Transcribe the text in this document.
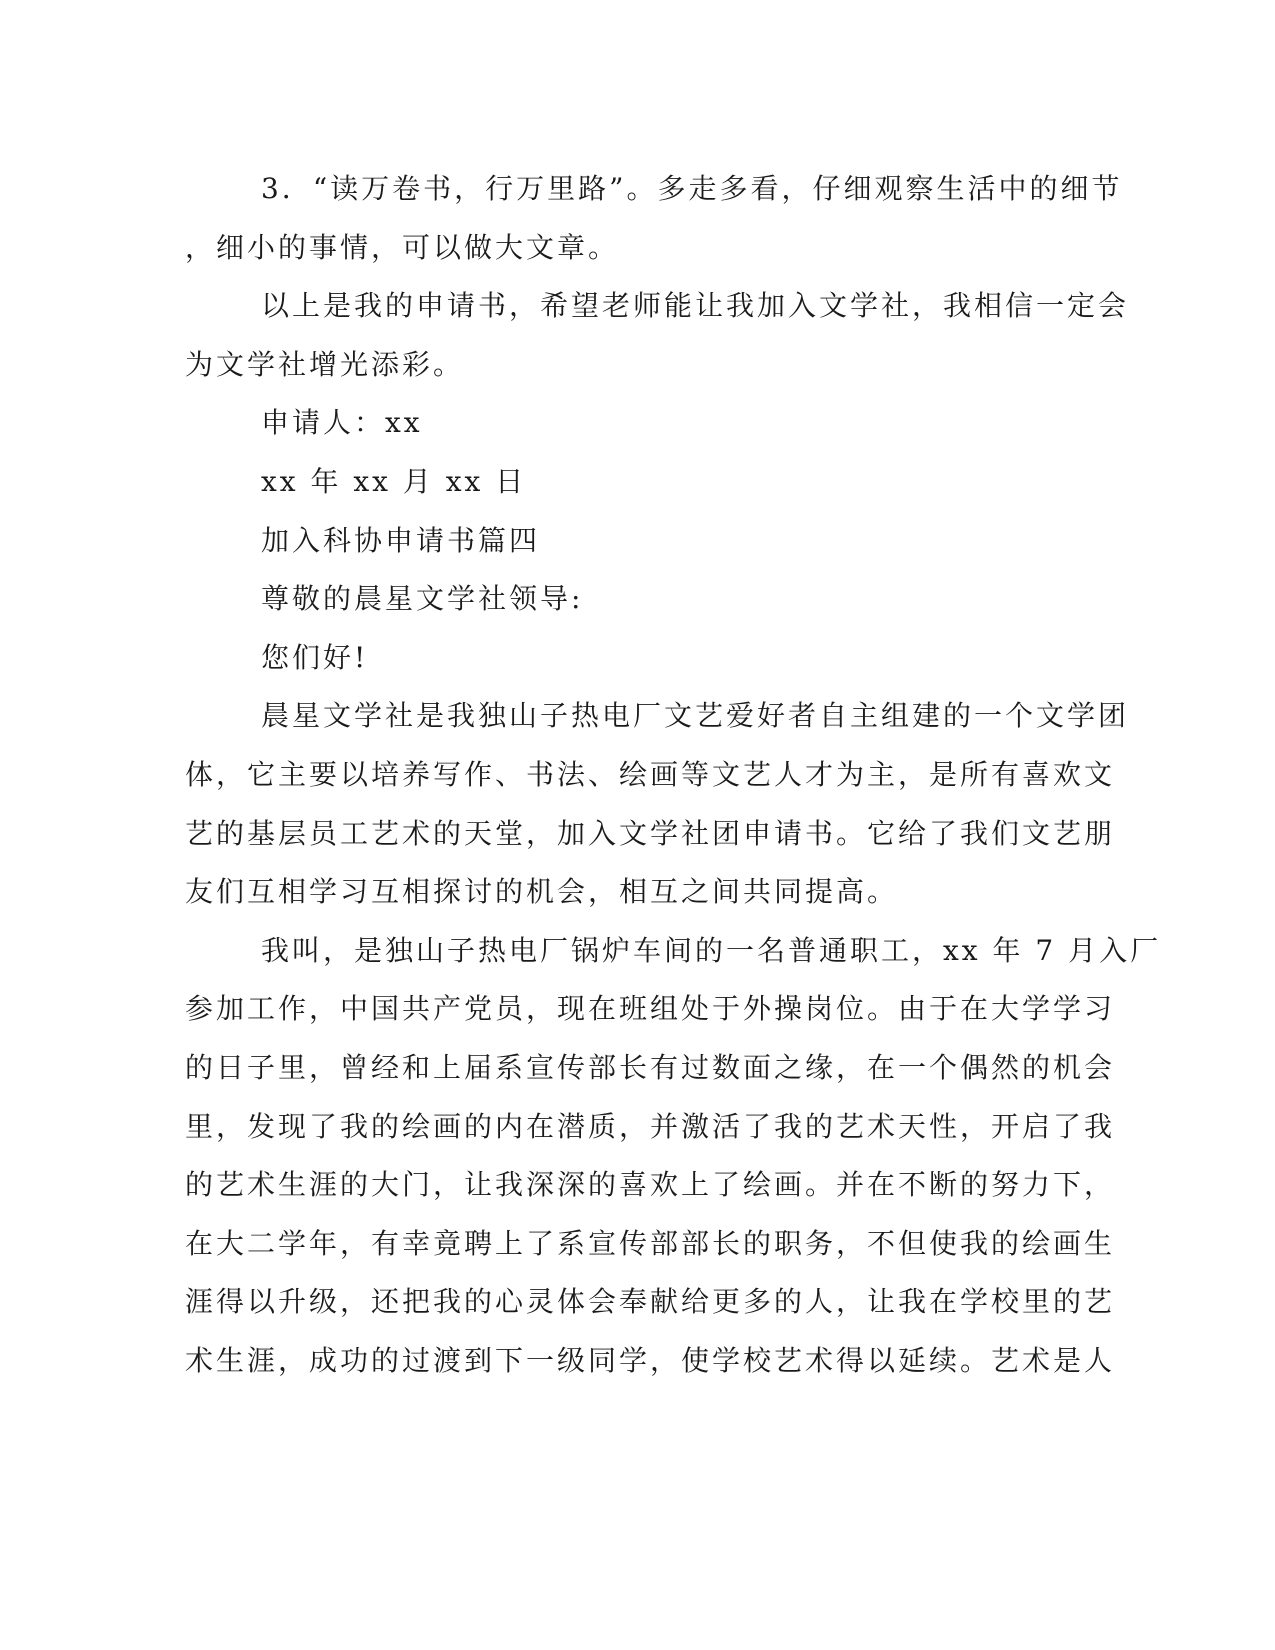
3．“读万卷书，行万里路”。多走多看，仔细观察生活中的细节
，细小的事情，可以做大文章。
以上是我的申请书，希望老师能让我加入文学社，我相信一定会
为文学社增光添彩。
申请人：xx
xx 年 xx 月 xx 日
加入科协申请书篇四
尊敬的晨星文学社领导:
您们好!
晨星文学社是我独山子热电厂文艺爱好者自主组建的一个文学团
体，它主要以培养写作、书法、绘画等文艺人才为主，是所有喜欢文
艺的基层员工艺术的天堂，加入文学社团申请书。它给了我们文艺朋
友们互相学习互相探讨的机会，相互之间共同提高。
我叫，是独山子热电厂锅炉车间的一名普通职工，xx 年 7 月入厂
参加工作，中国共产党员，现在班组处于外操岗位。由于在大学学习
的日子里，曾经和上届系宣传部长有过数面之缘，在一个偶然的机会
里，发现了我的绘画的内在潜质，并激活了我的艺术天性，开启了我
的艺术生涯的大门，让我深深的喜欢上了绘画。并在不断的努力下，
在大二学年，有幸竟聘上了系宣传部部长的职务，不但使我的绘画生
涯得以升级，还把我的心灵体会奉献给更多的人，让我在学校里的艺
术生涯，成功的过渡到下一级同学，使学校艺术得以延续。艺术是人
